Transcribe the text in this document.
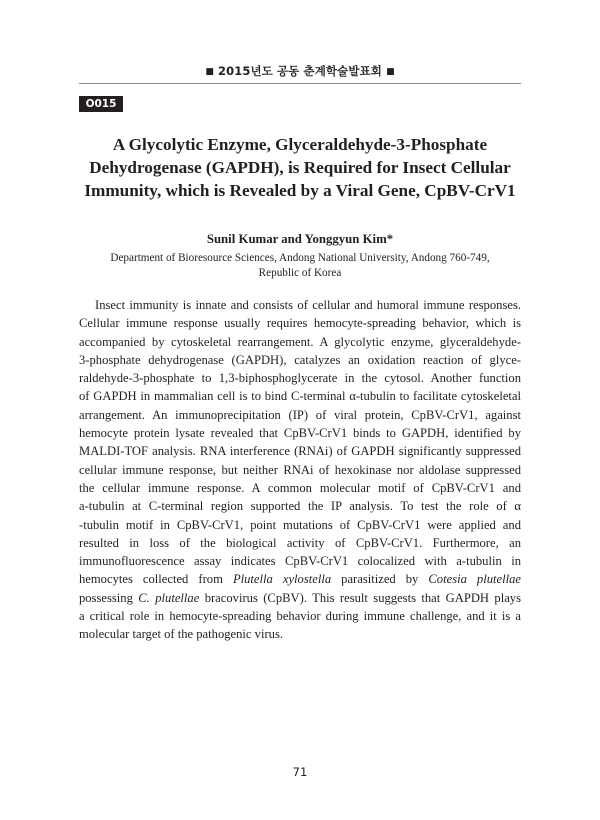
■ 2015년도 공동 춘계학술발표회 ■
O015
A Glycolytic Enzyme, Glyceraldehyde-3-Phosphate
Dehydrogenase (GAPDH), is Required for Insect Cellular
Immunity, which is Revealed by a Viral Gene, CpBV-CrV1
Sunil Kumar and Yonggyun Kim*
Department of Bioresource Sciences, Andong National University, Andong 760-749,
Republic of Korea
Insect immunity is innate and consists of cellular and humoral immune responses.
Cellular immune response usually requires hemocyte-spreading behavior, which is
accompanied by cytoskeletal rearrangement. A glycolytic enzyme, glyceraldehyde-
3-phosphate dehydrogenase (GAPDH), catalyzes an oxidation reaction of glyce-
raldehyde-3-phosphate to 1,3-biphosphoglycerate in the cytosol. Another function
of GAPDH in mammalian cell is to bind C-terminal α-tubulin to facilitate cytoskeletal
arrangement. An immunoprecipitation (IP) of viral protein, CpBV-CrV1, against
hemocyte protein lysate revealed that CpBV-CrV1 binds to GAPDH, identified by
MALDI-TOF analysis. RNA interference (RNAi) of GAPDH significantly suppressed
cellular immune response, but neither RNAi of hexokinase nor aldolase suppressed
the cellular immune response. A common molecular motif of CpBV-CrV1 and
a-tubulin at C-terminal region supported the IP analysis. To test the role of α
-tubulin motif in CpBV-CrV1, point mutations of CpBV-CrV1 were applied and
resulted in loss of the biological activity of CpBV-CrV1. Furthermore, an
immunofluorescence assay indicates CpBV-CrV1 colocalized with a-tubulin in
hemocytes collected from Plutella xylostella parasitized by Cotesia plutellae
possessing C. plutellae bracovirus (CpBV). This result suggests that GAPDH plays
a critical role in hemocyte-spreading behavior during immune challenge, and it is a
molecular target of the pathogenic virus.
71
